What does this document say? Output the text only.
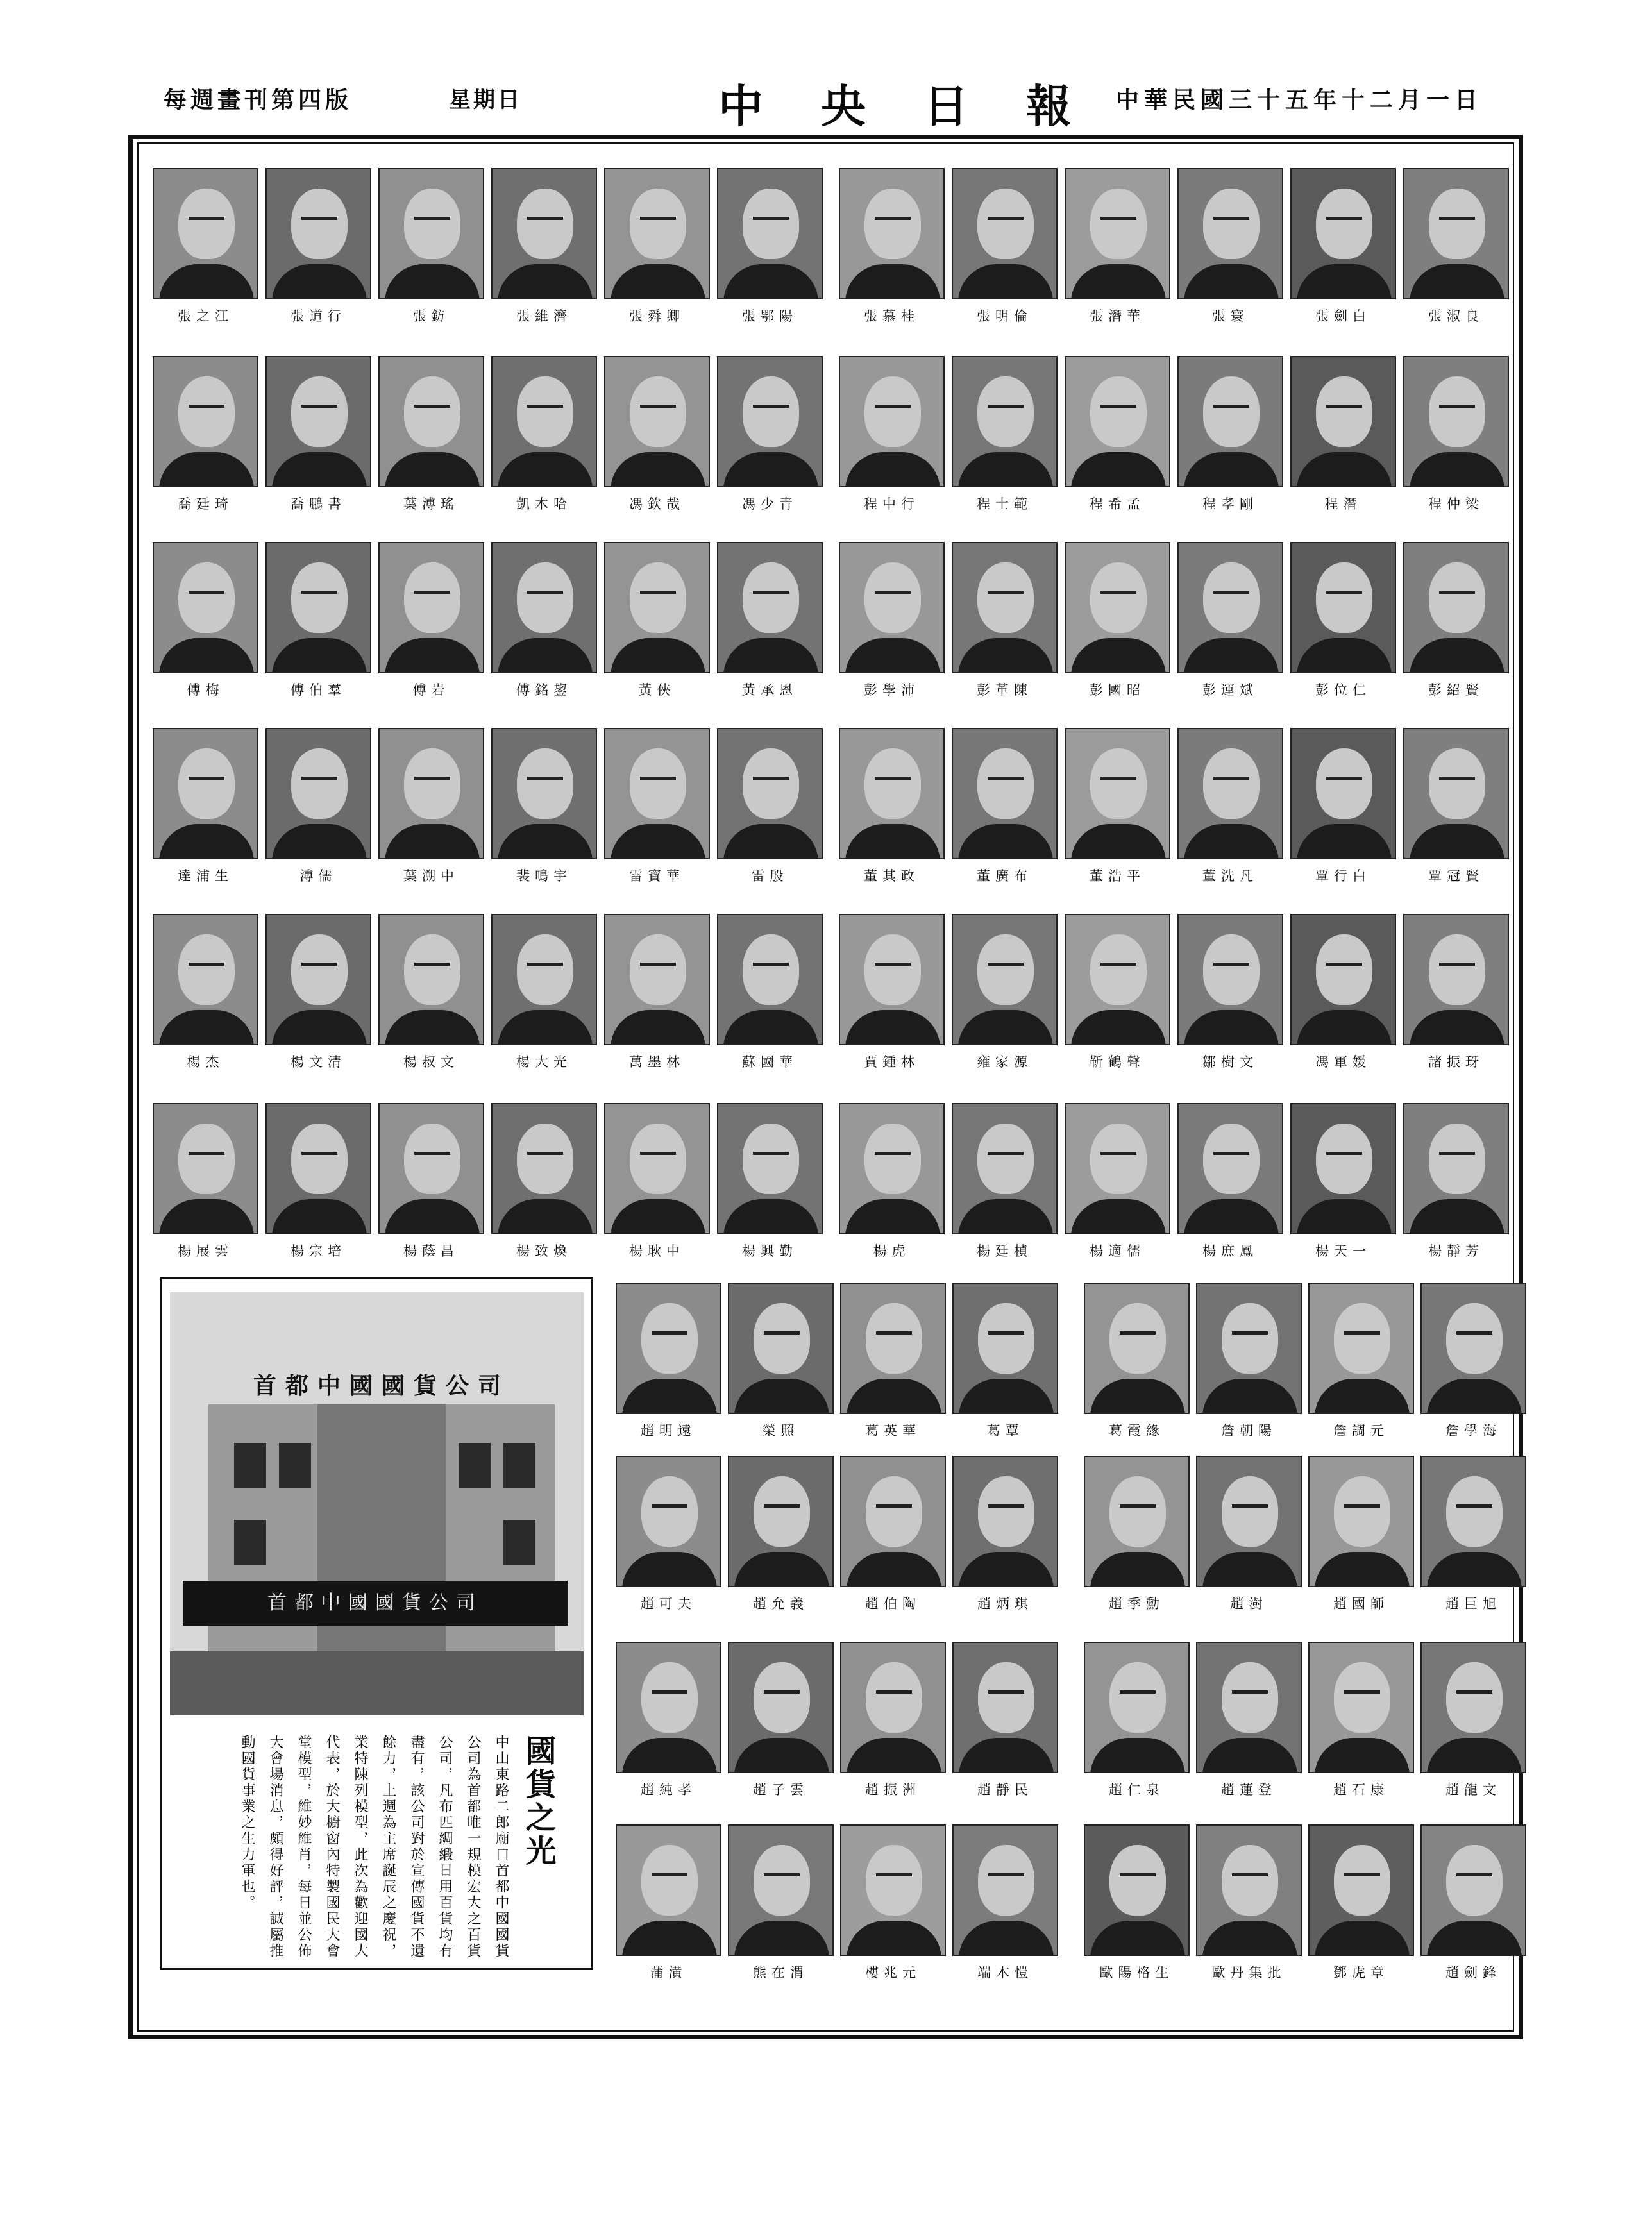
每週畫刊第四版	星期日	中央日報
中華民國三十五年十二月一日
張之江	張道行	張鈁	張維濟	張舜卿	張鄂陽	張慕桂	張明倫	張潛華	張寰	張劍白	張淑良
喬廷琦	喬鵬書	葉溥瑤	凱木哈	馮欽哉	馮少青	程中行	程士範	程希孟	程孝剛	程潛	程仲梁
傅梅	傅伯羣	傅岩	傅銘鋆	黃俠	黃承恩	彭學沛	彭革陳	彭國昭	彭運斌	彭位仁	彭紹賢
達浦生	溥儒	葉溯中	裴鳴宇	雷寶華	雷殷	董其政	董廣布	董浩平	董洗凡	覃行白	覃冠賢
楊杰	楊文清	楊叔文	楊大光	萬墨林	蘇國華	賈鍾林	雍家源	靳鶴聲	鄒樹文	馮軍媛	諸振玡
楊展雲	楊宗培	楊蔭昌	楊致煥	楊耿中	楊興勤	楊虎	楊廷楨	楊適儒	楊庶鳳	楊天一	楊靜芳
趙明遠	榮照	葛英華	葛覃	葛霞緣	詹朝陽	詹調元	詹學海
趙可夫	趙允義	趙伯陶	趙炳琪	趙季勳	趙澍	趙國師	趙巨旭
趙純孝	趙子雲	趙振洲	趙靜民	趙仁泉	趙蓮登	趙石康	趙龍文
蒲潢	熊在渭	樓兆元	端木愷	歐陽格生	歐丹集批	鄧虎章	趙劍鋒
首都中國國貨公司
首都中國國貨公司
國貨之光
中山東路二郎廟口首都中國國貨公司為首都唯一規模宏大之百貨公司，凡布匹綢緞日用百貨均有盡有，該公司對於宣傳國貨不遺餘力，上週為主席誕辰之慶祝，業特陳列模型，此次為歡迎國大代表，於大櫥窗內特製國民大會堂模型，維妙維肖，每日並公佈大會場消息，頗得好評，誠屬推動國貨事業之生力軍也。
